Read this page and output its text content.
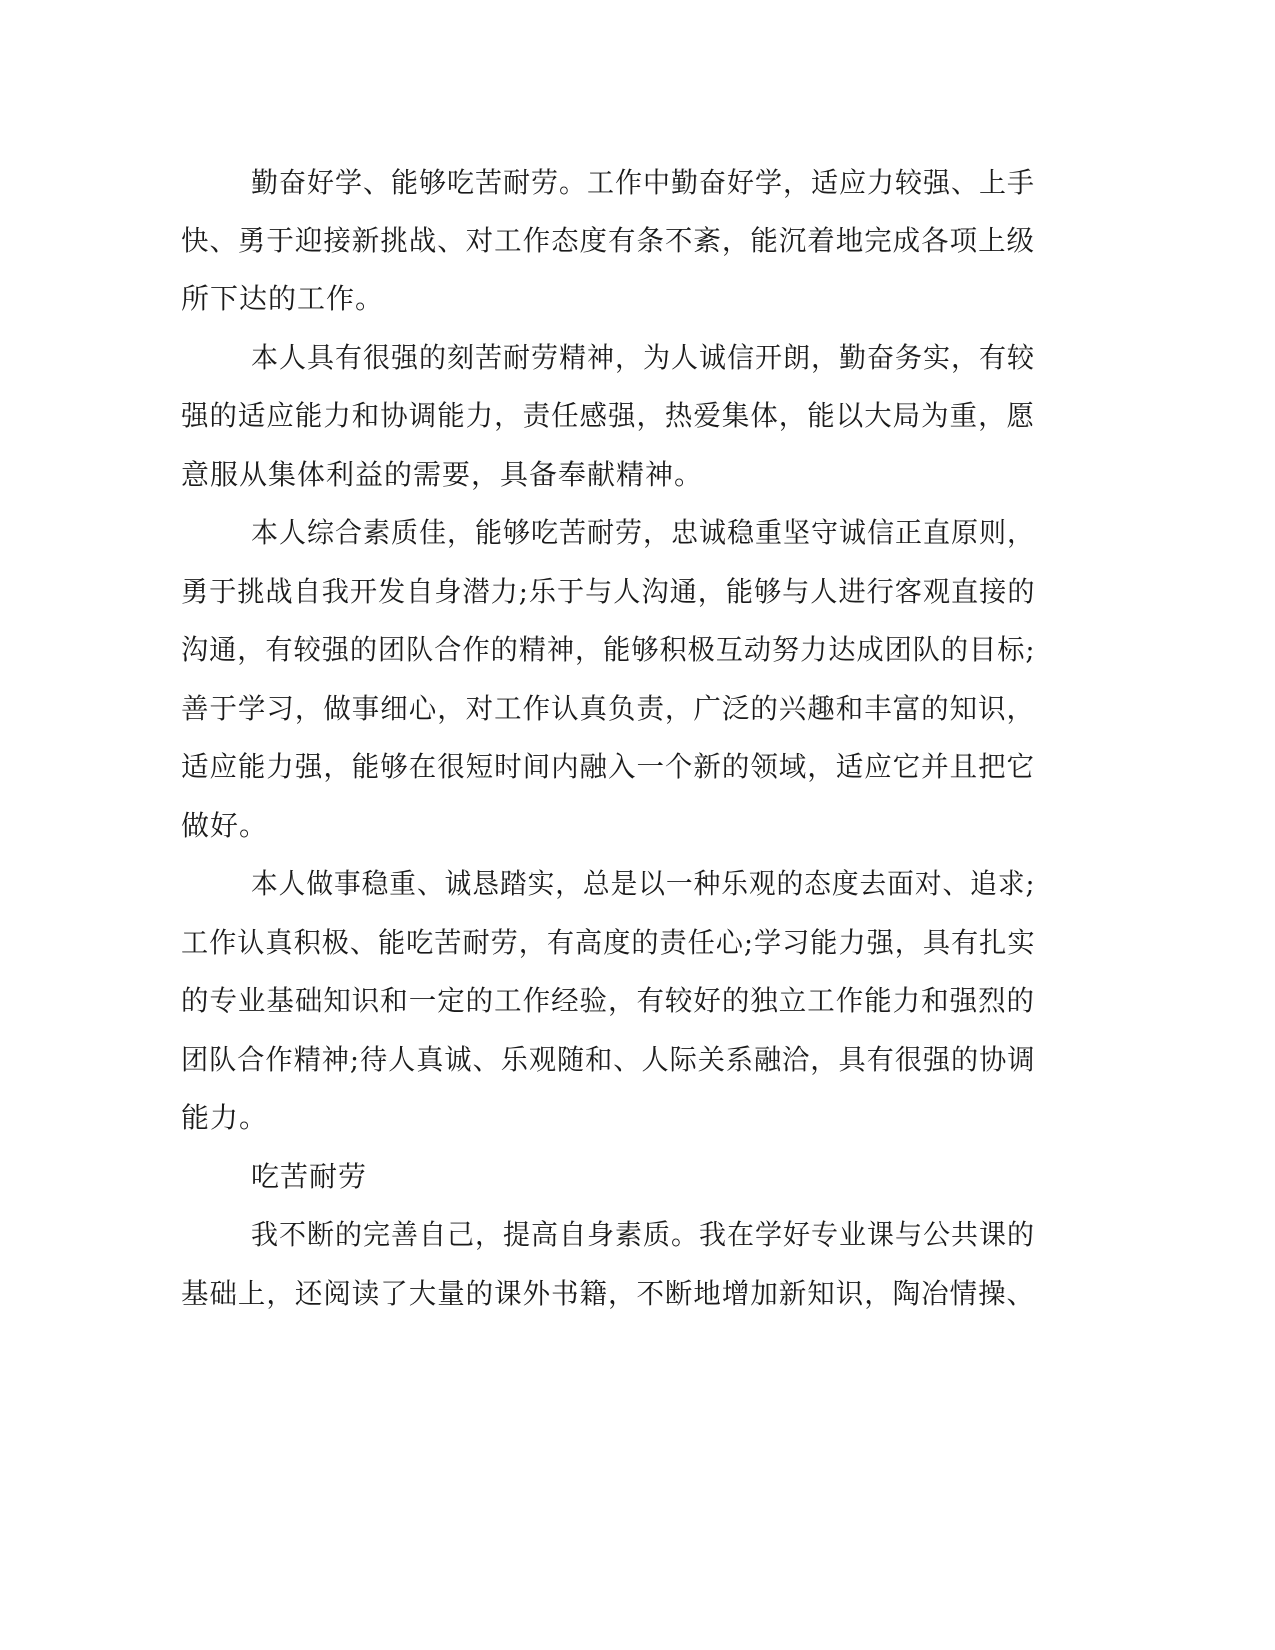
勤奋好学、能够吃苦耐劳。工作中勤奋好学，适应力较强、上手
快、勇于迎接新挑战、对工作态度有条不紊，能沉着地完成各项上级
所下达的工作。
本人具有很强的刻苦耐劳精神，为人诚信开朗，勤奋务实，有较
强的适应能力和协调能力，责任感强，热爱集体，能以大局为重，愿
意服从集体利益的需要，具备奉献精神。
本人综合素质佳，能够吃苦耐劳，忠诚稳重坚守诚信正直原则，
勇于挑战自我开发自身潜力;乐于与人沟通，能够与人进行客观直接的
沟通，有较强的团队合作的精神，能够积极互动努力达成团队的目标;
善于学习，做事细心，对工作认真负责，广泛的兴趣和丰富的知识，
适应能力强，能够在很短时间内融入一个新的领域，适应它并且把它
做好。
本人做事稳重、诚恳踏实，总是以一种乐观的态度去面对、追求;
工作认真积极、能吃苦耐劳，有高度的责任心;学习能力强，具有扎实
的专业基础知识和一定的工作经验，有较好的独立工作能力和强烈的
团队合作精神;待人真诚、乐观随和、人际关系融洽，具有很强的协调
能力。
吃苦耐劳
我不断的完善自己，提高自身素质。我在学好专业课与公共课的
基础上，还阅读了大量的课外书籍，不断地增加新知识，陶冶情操、
